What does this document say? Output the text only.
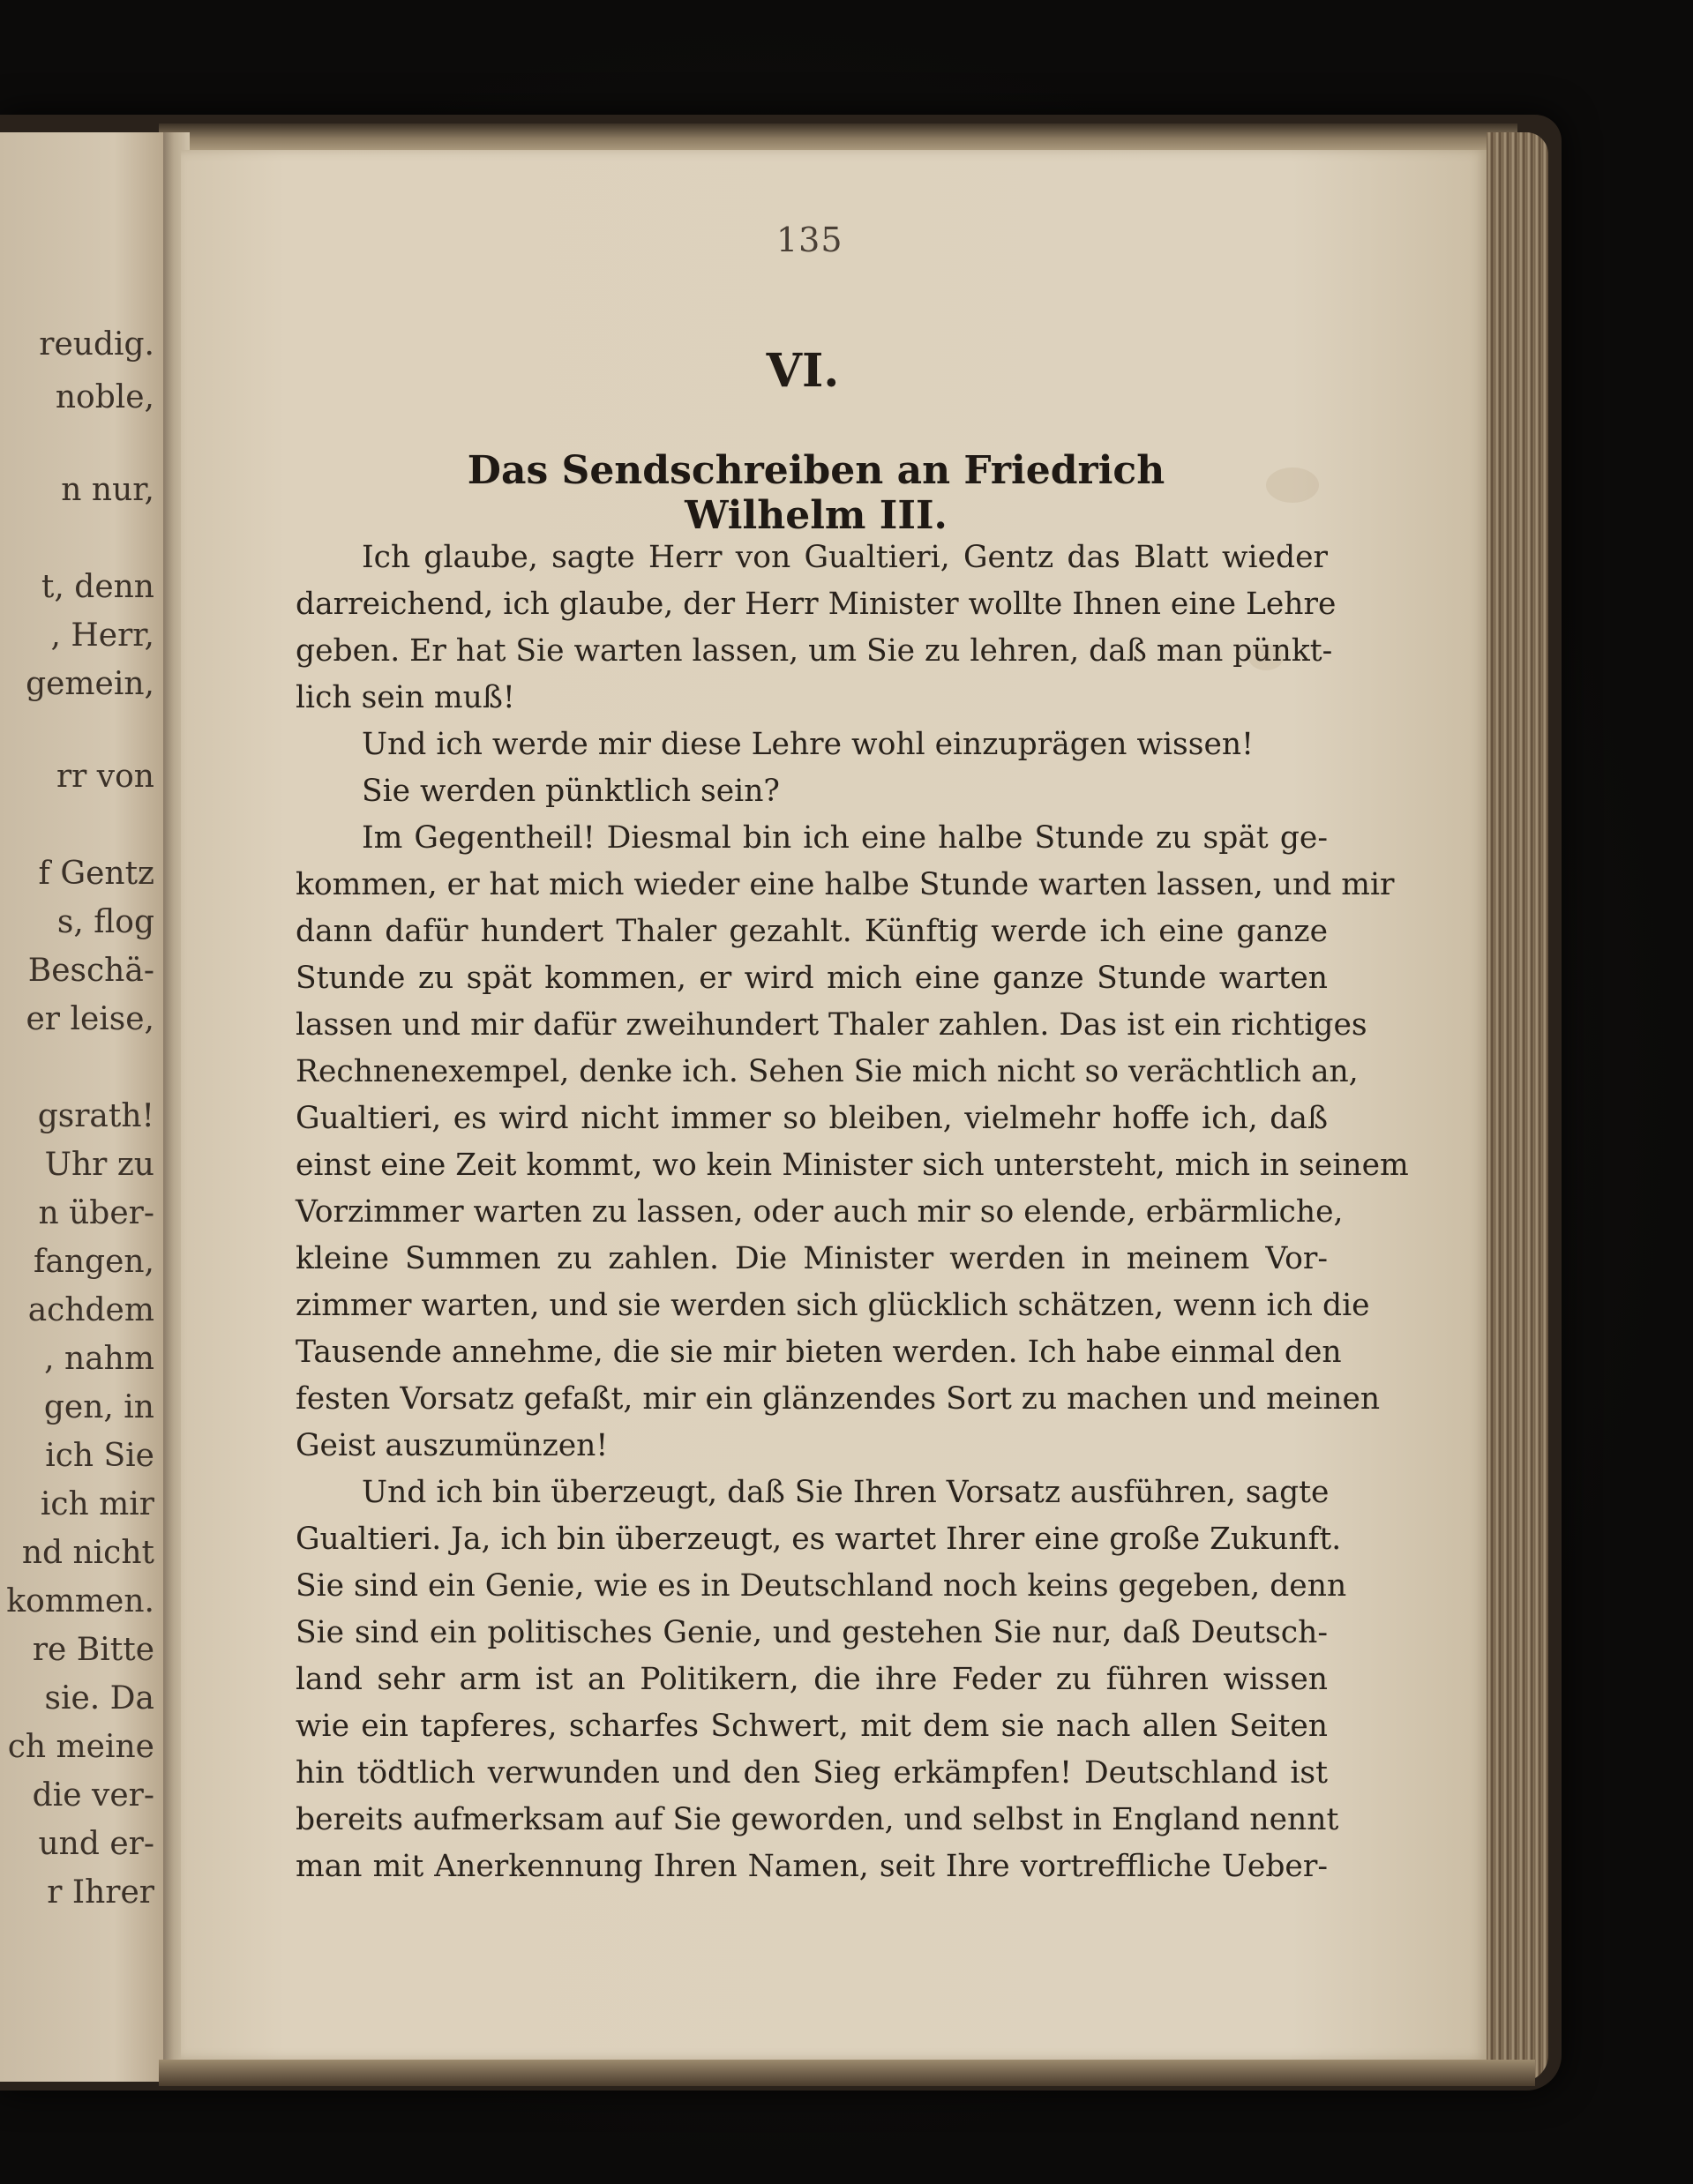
reudig.
noble,
n nur,
t, denn
, Herr,
gemein,
rr von
f Gentz
s, flog
Beschä-
er leise,
gsrath!
Uhr zu
n über-
fangen,
achdem
, nahm
gen, in
ich Sie
ich mir
nd nicht
kommen.
re Bitte
sie. Da
ch meine
die ver-
und er-
r Ihrer
135
VI.
Das Sendschreiben an Friedrich Wilhelm III.
Ich glaube, sagte Herr von Gualtieri, Gentz das Blatt wieder
darreichend, ich glaube, der Herr Minister wollte Ihnen eine Lehre
geben. Er hat Sie warten lassen, um Sie zu lehren, daß man pünkt-
lich sein muß!
Und ich werde mir diese Lehre wohl einzuprägen wissen!
Sie werden pünktlich sein?
Im Gegentheil! Diesmal bin ich eine halbe Stunde zu spät ge-
kommen, er hat mich wieder eine halbe Stunde warten lassen, und mir
dann dafür hundert Thaler gezahlt. Künftig werde ich eine ganze
Stunde zu spät kommen, er wird mich eine ganze Stunde warten
lassen und mir dafür zweihundert Thaler zahlen. Das ist ein richtiges
Rechnenexempel, denke ich. Sehen Sie mich nicht so verächtlich an,
Gualtieri, es wird nicht immer so bleiben, vielmehr hoffe ich, daß
einst eine Zeit kommt, wo kein Minister sich untersteht, mich in seinem
Vorzimmer warten zu lassen, oder auch mir so elende, erbärmliche,
kleine Summen zu zahlen. Die Minister werden in meinem Vor-
zimmer warten, und sie werden sich glücklich schätzen, wenn ich die
Tausende annehme, die sie mir bieten werden. Ich habe einmal den
festen Vorsatz gefaßt, mir ein glänzendes Sort zu machen und meinen
Geist auszumünzen!
Und ich bin überzeugt, daß Sie Ihren Vorsatz ausführen, sagte
Gualtieri. Ja, ich bin überzeugt, es wartet Ihrer eine große Zukunft.
Sie sind ein Genie, wie es in Deutschland noch keins gegeben, denn
Sie sind ein politisches Genie, und gestehen Sie nur, daß Deutsch-
land sehr arm ist an Politikern, die ihre Feder zu führen wissen
wie ein tapferes, scharfes Schwert, mit dem sie nach allen Seiten
hin tödtlich verwunden und den Sieg erkämpfen! Deutschland ist
bereits aufmerksam auf Sie geworden, und selbst in England nennt
man mit Anerkennung Ihren Namen, seit Ihre vortreffliche Ueber-
